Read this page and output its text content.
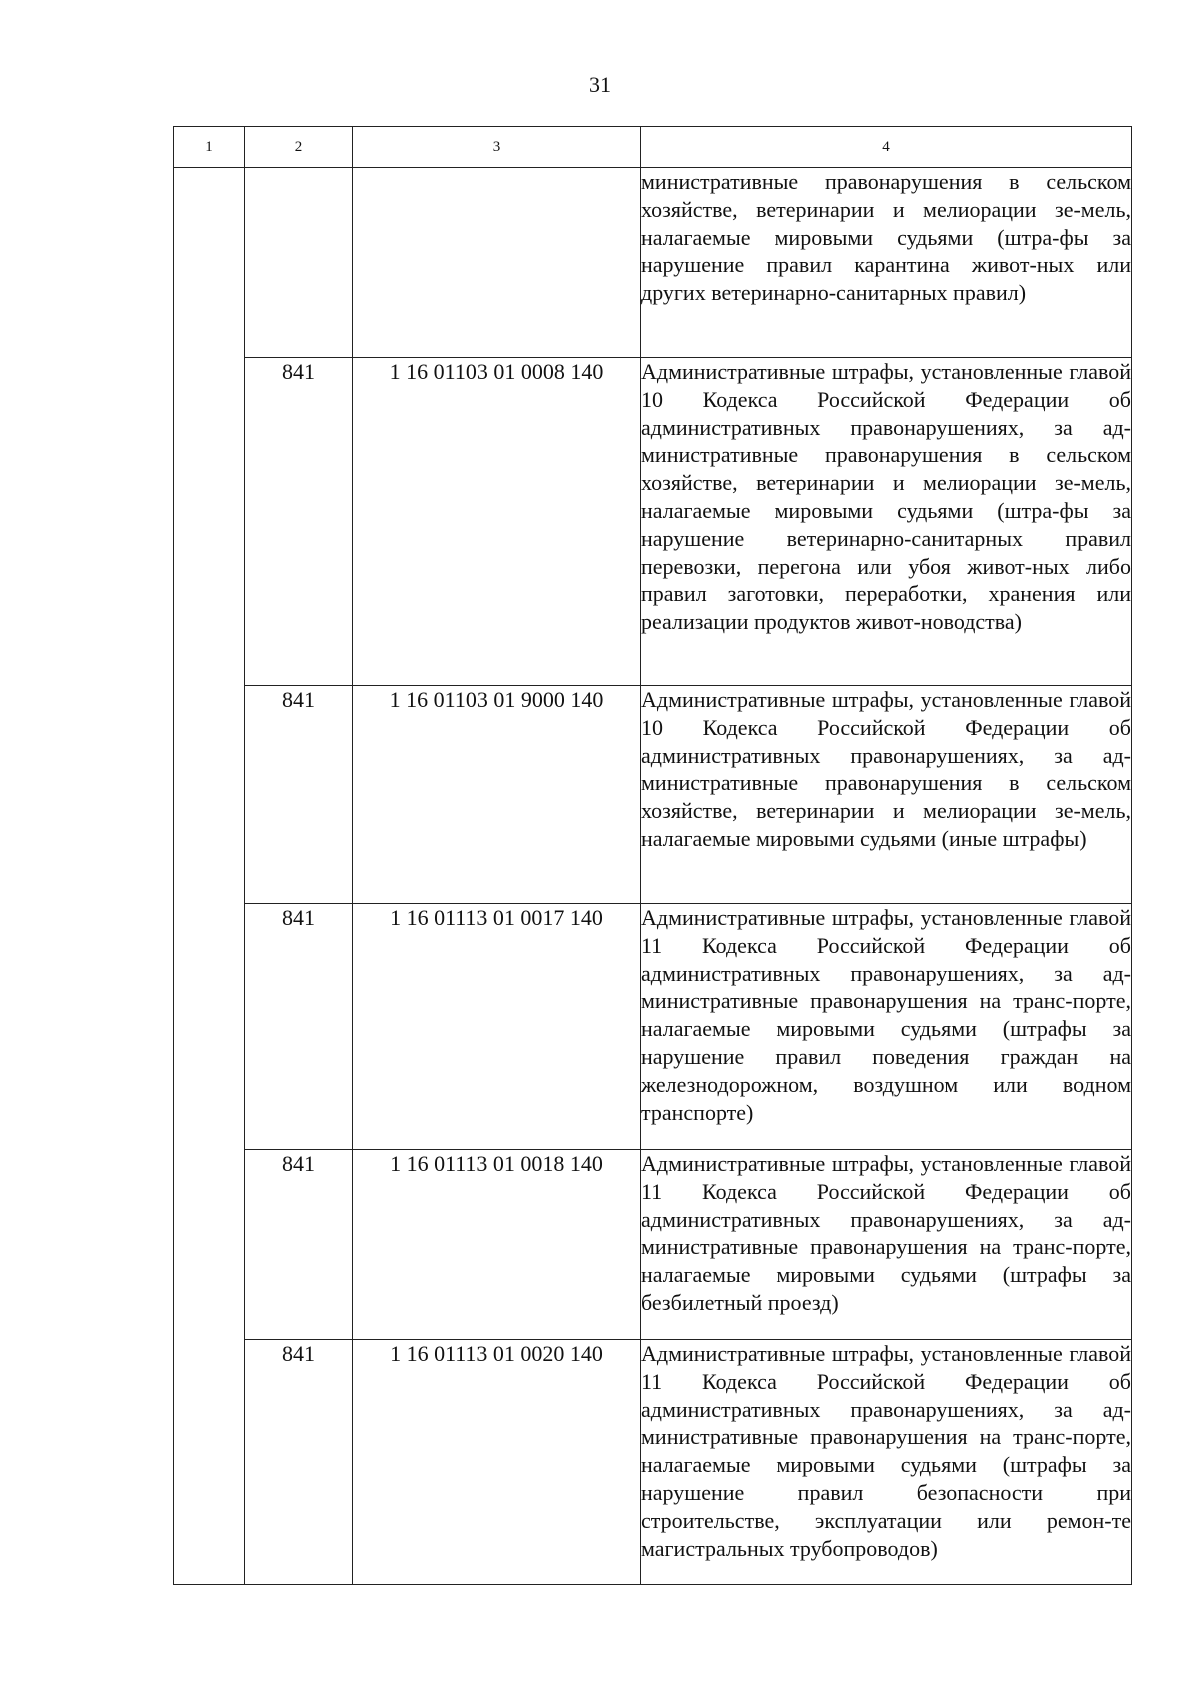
31
1	2	3	4
			министративные правонарушения в сельском хозяйстве, ветеринарии и мелиорации зе-мель, налагаемые мировыми судьями (штра-фы за нарушение правил карантина живот-ных или других ветеринарно-санитарных правил)
	841	1 16 01103 01 0008 140	Административные штрафы, установленные главой 10 Кодекса Российской Федерации об административных правонарушениях, за ад-министративные правонарушения в сельском хозяйстве, ветеринарии и мелиорации зе-мель, налагаемые мировыми судьями (штра-фы за нарушение ветеринарно-санитарных правил перевозки, перегона или убоя живот-ных либо правил заготовки, переработки, хранения или реализации продуктов живот-новодства)
	841	1 16 01103 01 9000 140	Административные штрафы, установленные главой 10 Кодекса Российской Федерации об административных правонарушениях, за ад-министративные правонарушения в сельском хозяйстве, ветеринарии и мелиорации зе-мель, налагаемые мировыми судьями (иные штрафы)
	841	1 16 01113 01 0017 140	Административные штрафы, установленные главой 11 Кодекса Российской Федерации об административных правонарушениях, за ад-министративные правонарушения на транс-порте, налагаемые мировыми судьями (штрафы за нарушение правил поведения граждан на железнодорожном, воздушном или водном транспорте)
	841	1 16 01113 01 0018 140	Административные штрафы, установленные главой 11 Кодекса Российской Федерации об административных правонарушениях, за ад-министративные правонарушения на транс-порте, налагаемые мировыми судьями (штрафы за безбилетный проезд)
	841	1 16 01113 01 0020 140	Административные штрафы, установленные главой 11 Кодекса Российской Федерации об административных правонарушениях, за ад-министративные правонарушения на транс-порте, налагаемые мировыми судьями (штрафы за нарушение правил безопасности при строительстве, эксплуатации или ремон-те магистральных трубопроводов)
